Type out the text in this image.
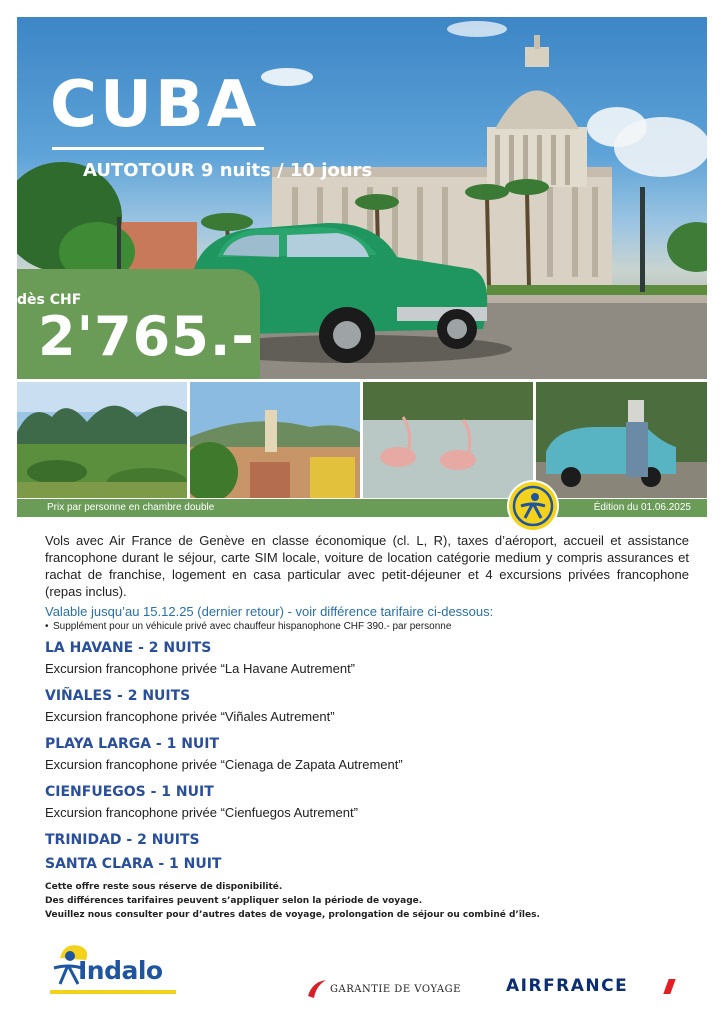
CUBA
AUTOTOUR 9 nuits / 10 jours
dès CHF
2'765.-
Prix par personne en chambre double	Édition du 01.06.2025

Vols avec Air France de Genève en classe économique (cl. L, R), taxes d’aéroport, accueil et assistance francophone durant le séjour, carte SIM locale, voiture de location catégorie medium y compris assurances et rachat de franchise, logement en casa particular avec petit-déjeuner et 4 excursions privées francophone (repas inclus).

Valable jusqu’au 15.12.25 (dernier retour) - voir différence tarifaire ci-dessous:
• Supplément pour un véhicule privé avec chauffeur hispanophone CHF 390.- par personne
LA HAVANE - 2 NUITS
Excursion francophone privée “La Havane Autrement”
VIÑALES - 2 NUITS
Excursion francophone privée “Viñales Autrement”
PLAYA LARGA - 1 NUIT
Excursion francophone privée “Cienaga de Zapata Autrement”
CIENFUEGOS - 1 NUIT
Excursion francophone privée “Cienfuegos Autrement”
TRINIDAD - 2 NUITS
SANTA CLARA - 1 NUIT
Cette offre reste sous réserve de disponibilité.
Des différences tarifaires peuvent s’appliquer selon la période de voyage.
Veuillez nous consulter pour d’autres dates de voyage, prolongation de séjour ou combiné d’îles.
Indalo
GARANTIE DE VOYAGE	AIRFRANCE
